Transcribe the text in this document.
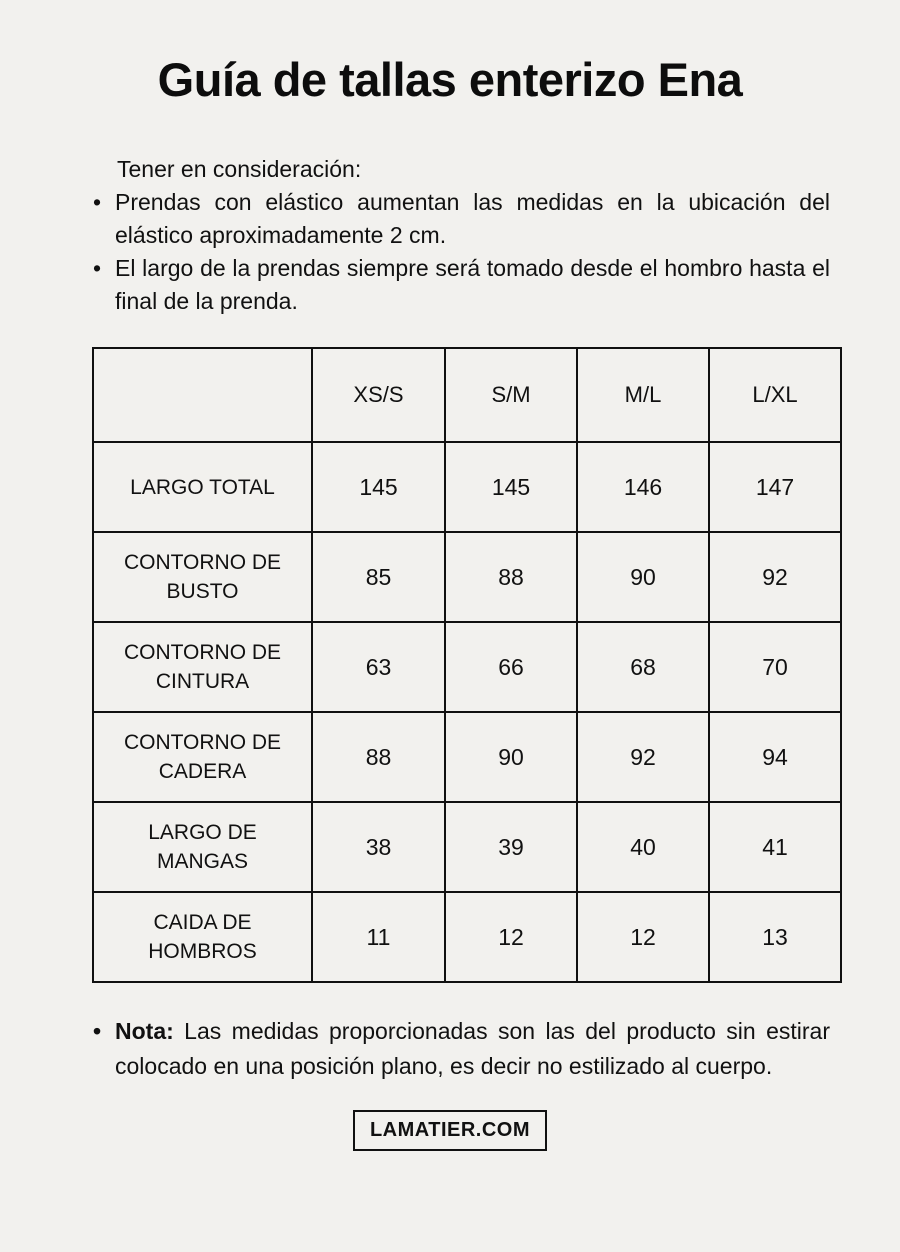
Guía de tallas enterizo Ena

Tener en consideración:

• Prendas con elástico aumentan las medidas en la ubicación del elástico aproximadamente 2 cm.
• El largo de la prendas siempre será tomado desde el hombro hasta el final de la prenda.
	XS/S	S/M	M/L	L/XL
LARGO TOTAL	145	145	146	147
CONTORNO DE BUSTO	85	88	90	92
CONTORNO DE CINTURA	63	66	68	70
CONTORNO DE CADERA	88	90	92	94
LARGO DE MANGAS	38	39	40	41
CAIDA DE HOMBROS	11	12	12	13

• Nota: Las medidas proporcionadas son las del producto sin estirar colocado en una posición plano, es decir no estilizado al cuerpo.

LAMATIER.COM
